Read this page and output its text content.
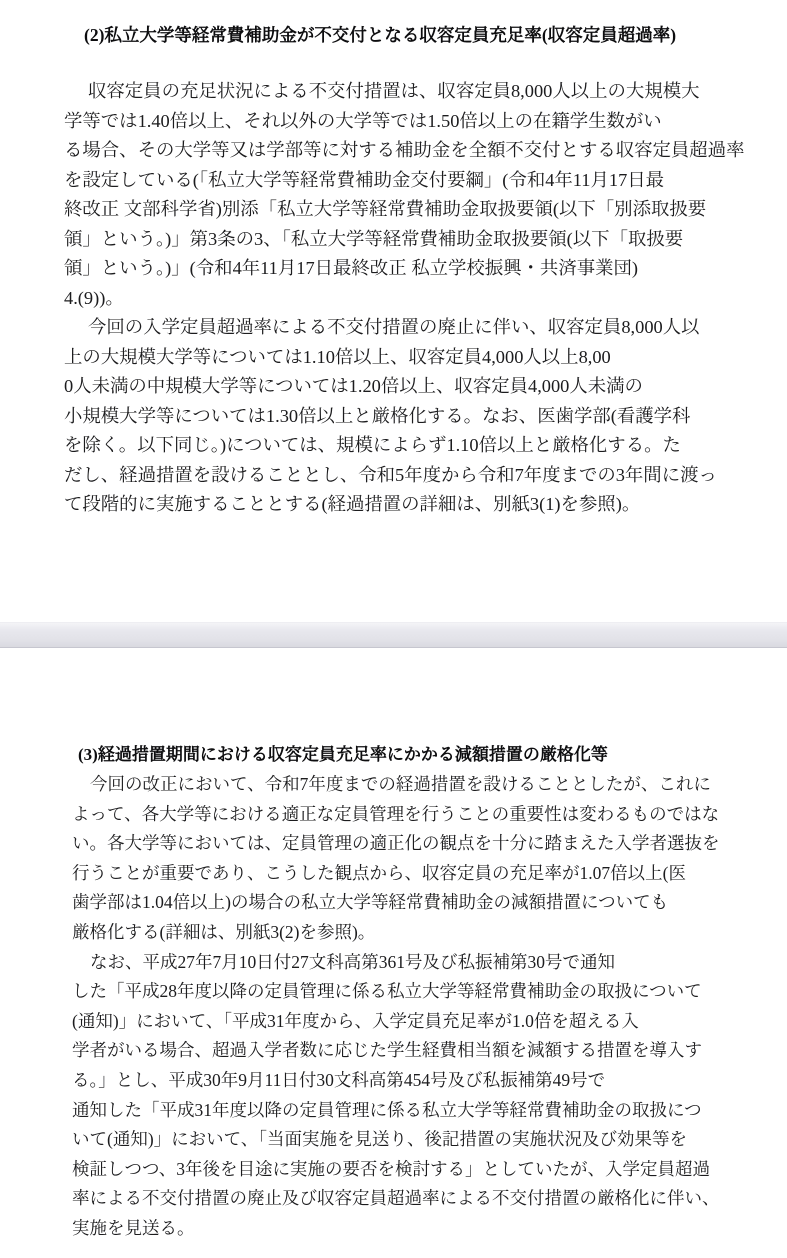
(2)私立大学等経常費補助金が不交付となる収容定員充足率(収容定員超過率)
収容定員の充足状況による不交付措置は、収容定員8,000人以上の大規模大
学等では1.40倍以上、それ以外の大学等では1.50倍以上の在籍学生数がい
る場合、その大学等又は学部等に対する補助金を全額不交付とする収容定員超過率
を設定している(「私立大学等経常費補助金交付要綱」(令和4年11月17日最
終改正 文部科学省)別添「私立大学等経常費補助金取扱要領(以下「別添取扱要
領」という。)」第3条の3、「私立大学等経常費補助金取扱要領(以下「取扱要
領」という。)」(令和4年11月17日最終改正 私立学校振興・共済事業団)
4.(9))。
今回の入学定員超過率による不交付措置の廃止に伴い、収容定員8,000人以
上の大規模大学等については1.10倍以上、収容定員4,000人以上8,00
0人未満の中規模大学等については1.20倍以上、収容定員4,000人未満の
小規模大学等については1.30倍以上と厳格化する。なお、医歯学部(看護学科
を除く。以下同じ。)については、規模によらず1.10倍以上と厳格化する。た
だし、経過措置を設けることとし、令和5年度から令和7年度までの3年間に渡っ
て段階的に実施することとする(経過措置の詳細は、別紙3(1)を参照)。
(3)経過措置期間における収容定員充足率にかかる減額措置の厳格化等
今回の改正において、令和7年度までの経過措置を設けることとしたが、これに
よって、各大学等における適正な定員管理を行うことの重要性は変わるものではな
い。各大学等においては、定員管理の適正化の観点を十分に踏まえた入学者選抜を
行うことが重要であり、こうした観点から、収容定員の充足率が1.07倍以上(医
歯学部は1.04倍以上)の場合の私立大学等経常費補助金の減額措置についても
厳格化する(詳細は、別紙3(2)を参照)。
なお、平成27年7月10日付27文科高第361号及び私振補第30号で通知
した「平成28年度以降の定員管理に係る私立大学等経常費補助金の取扱について
(通知)」において、「平成31年度から、入学定員充足率が1.0倍を超える入
学者がいる場合、超過入学者数に応じた学生経費相当額を減額する措置を導入す
る。」とし、平成30年9月11日付30文科高第454号及び私振補第49号で
通知した「平成31年度以降の定員管理に係る私立大学等経常費補助金の取扱につ
いて(通知)」において、「当面実施を見送り、後記措置の実施状況及び効果等を
検証しつつ、3年後を目途に実施の要否を検討する」としていたが、入学定員超過
率による不交付措置の廃止及び収容定員超過率による不交付措置の厳格化に伴い、
実施を見送る。
